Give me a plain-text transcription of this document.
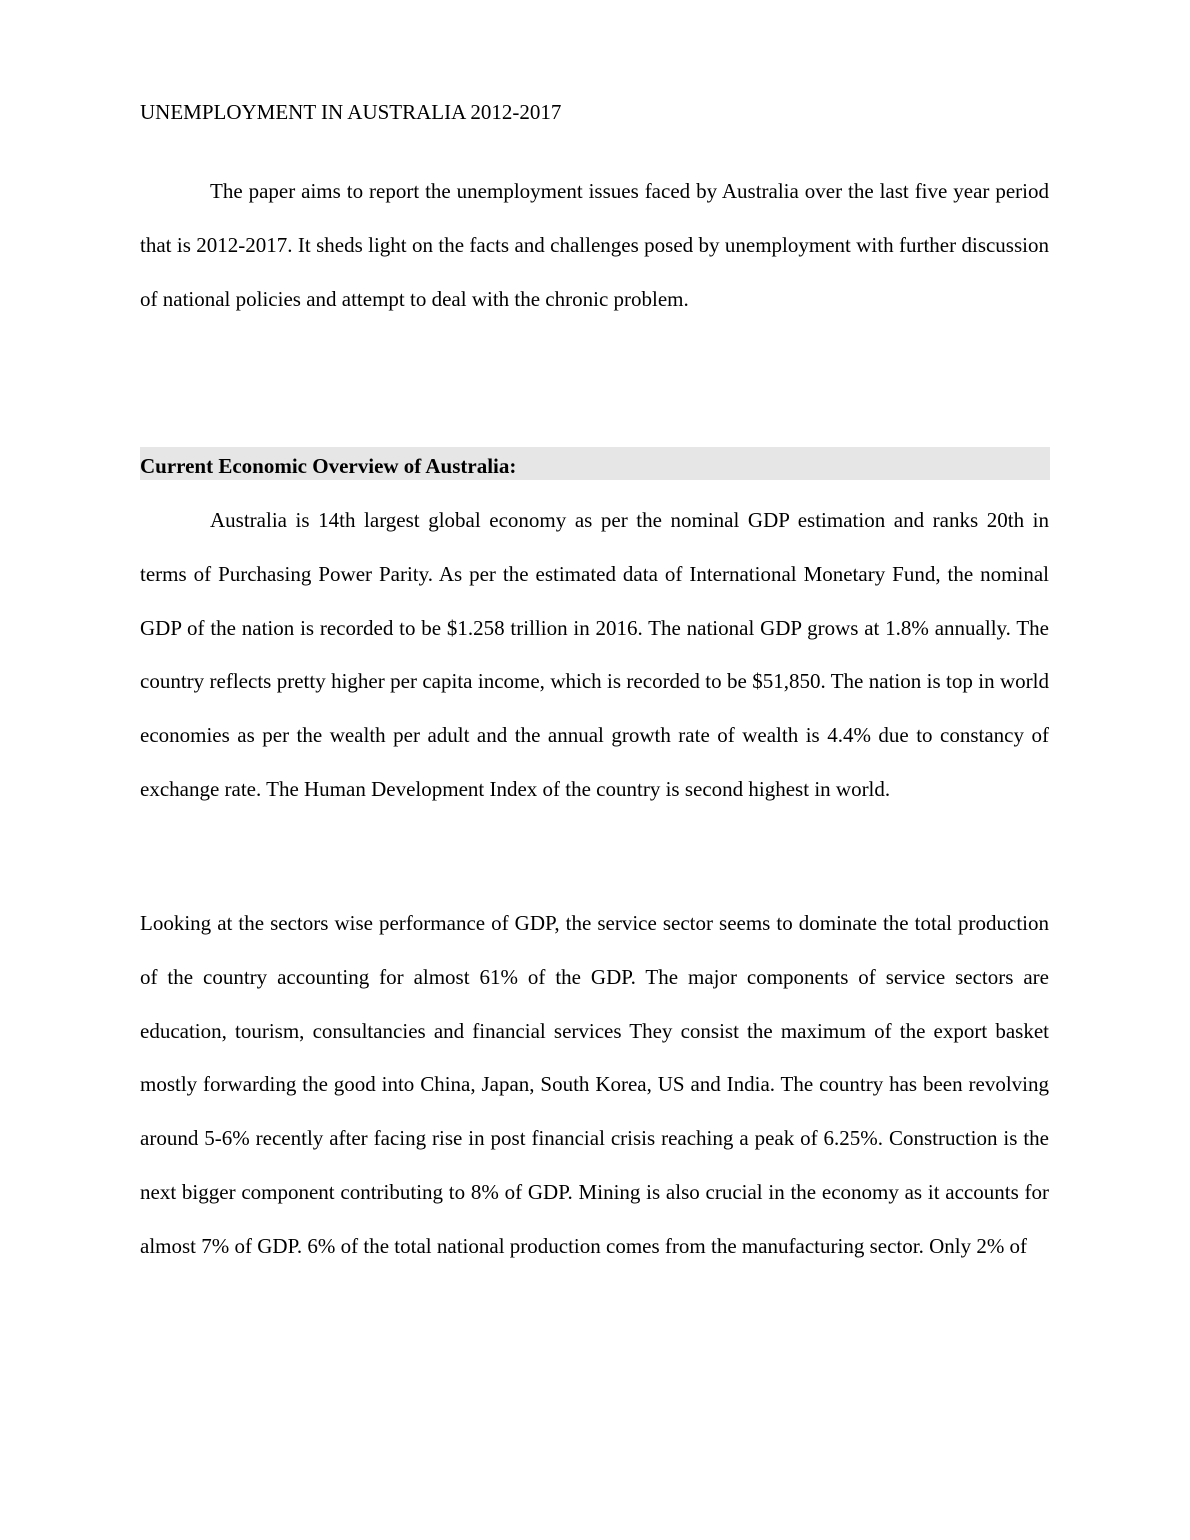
UNEMPLOYMENT IN AUSTRALIA 2012-2017

The paper aims to report the unemployment issues faced by Australia over the last five year period that is 2012-2017. It sheds light on the facts and challenges posed by unemployment with further discussion of national policies and attempt to deal with the chronic problem.

Current Economic Overview of Australia:

Australia is 14th largest global economy as per the nominal GDP estimation and ranks 20th in terms of Purchasing Power Parity. As per the estimated data of International Monetary Fund, the nominal GDP of the nation is recorded to be $1.258 trillion in 2016. The national GDP grows at 1.8% annually. The country reflects pretty higher per capita income, which is recorded to be $51,850. The nation is top in world economies as per the wealth per adult and the annual growth rate of wealth is 4.4% due to constancy of exchange rate. The Human Development Index of the country is second highest in world.

Looking at the sectors wise performance of GDP, the service sector seems to dominate the total production of the country accounting for almost 61% of the GDP. The major components of service sectors are education, tourism, consultancies and financial services They consist the maximum of the export basket mostly forwarding the good into China, Japan, South Korea, US and India. The country has been revolving around 5-6% recently after facing rise in post financial crisis reaching a peak of 6.25%. Construction is the next bigger component contributing to 8% of GDP. Mining is also crucial in the economy as it accounts for almost 7% of GDP. 6% of the total national production comes from the manufacturing sector. Only 2% of
